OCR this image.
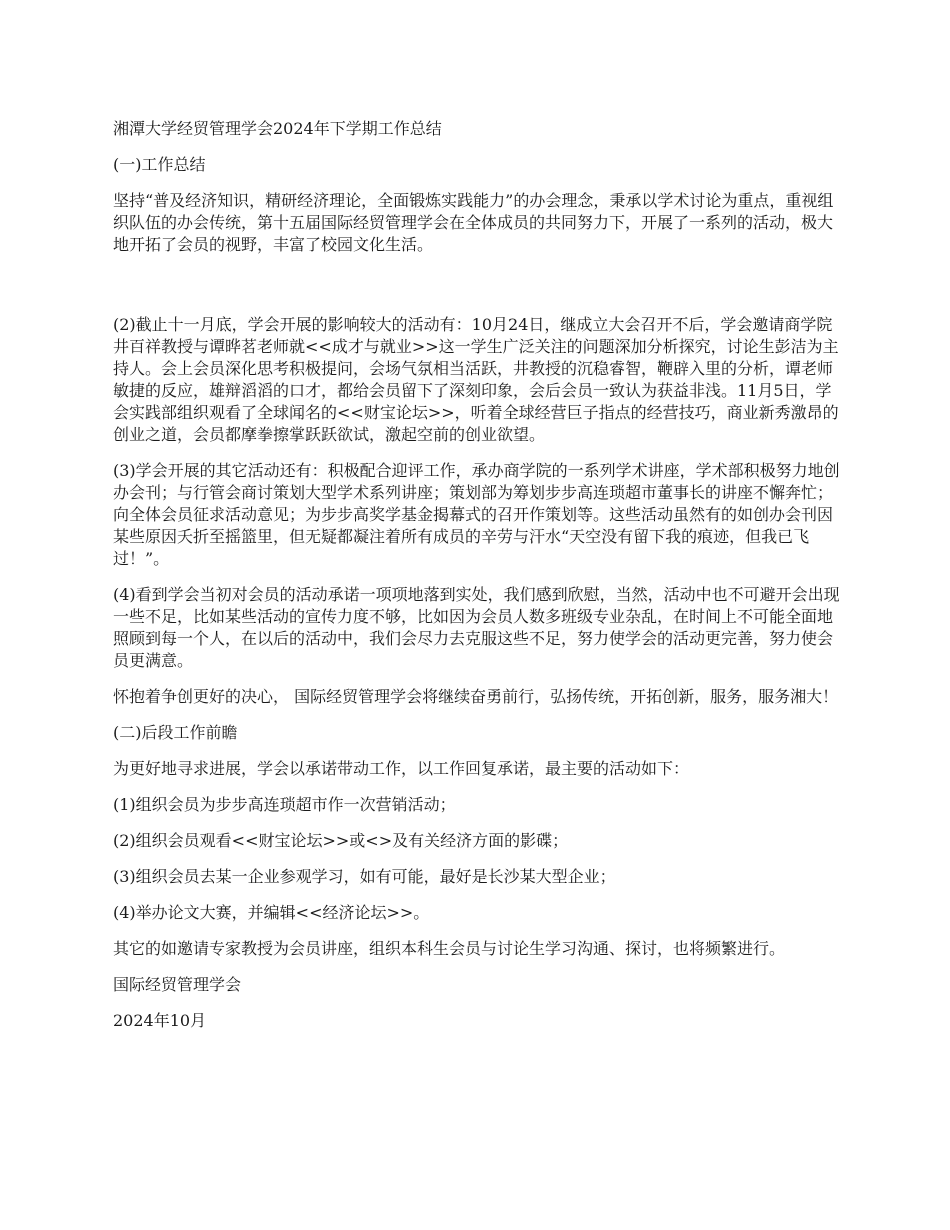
湘潭大学经贸管理学会2024年下学期工作总结

(一)工作总结

坚持“普及经济知识，精研经济理论，全面锻炼实践能力”的办会理念，秉承以学术讨论为重点，重视组织队伍的办会传统，第十五届国际经贸管理学会在全体成员的共同努力下，开展了一系列的活动，极大地开拓了会员的视野，丰富了校园文化生活。

(2)截止十一月底，学会开展的影响较大的活动有：10月24日，继成立大会召开不后，学会邀请商学院井百祥教授与谭晔茗老师就<<成才与就业>>这一学生广泛关注的问题深加分析探究，讨论生彭洁为主持人。会上会员深化思考积极提问，会场气氛相当活跃，井教授的沉稳睿智，鞭辟入里的分析，谭老师敏捷的反应，雄辩滔滔的口才，都给会员留下了深刻印象，会后会员一致认为获益非浅。11月5日，学会实践部组织观看了全球闻名的<<财宝论坛>>，听着全球经营巨子指点的经营技巧，商业新秀激昂的创业之道，会员都摩拳擦掌跃跃欲试，激起空前的创业欲望。

(3)学会开展的其它活动还有：积极配合迎评工作，承办商学院的一系列学术讲座，学术部积极努力地创办会刊；与行管会商讨策划大型学术系列讲座；策划部为筹划步步高连琐超市董事长的讲座不懈奔忙；向全体会员征求活动意见；为步步高奖学基金揭幕式的召开作策划等。这些活动虽然有的如创办会刊因某些原因夭折至摇篮里，但无疑都凝注着所有成员的辛劳与汗水“天空没有留下我的痕迹，但我已飞过！”。

(4)看到学会当初对会员的活动承诺一项项地落到实处，我们感到欣慰，当然，活动中也不可避开会出现一些不足，比如某些活动的宣传力度不够，比如因为会员人数多班级专业杂乱，在时间上不可能全面地照顾到每一个人，在以后的活动中，我们会尽力去克服这些不足，努力使学会的活动更完善，努力使会员更满意。

怀抱着争创更好的决心， 国际经贸管理学会将继续奋勇前行，弘扬传统，开拓创新，服务，服务湘大！

(二)后段工作前瞻

为更好地寻求进展，学会以承诺带动工作，以工作回复承诺，最主要的活动如下：

(1)组织会员为步步高连琐超市作一次营销活动；

(2)组织会员观看<<财宝论坛>>或<>及有关经济方面的影碟；

(3)组织会员去某一企业参观学习，如有可能，最好是长沙某大型企业；

(4)举办论文大赛，并编辑<<经济论坛>>。

其它的如邀请专家教授为会员讲座，组织本科生会员与讨论生学习沟通、探讨，也将频繁进行。

国际经贸管理学会

2024年10月
